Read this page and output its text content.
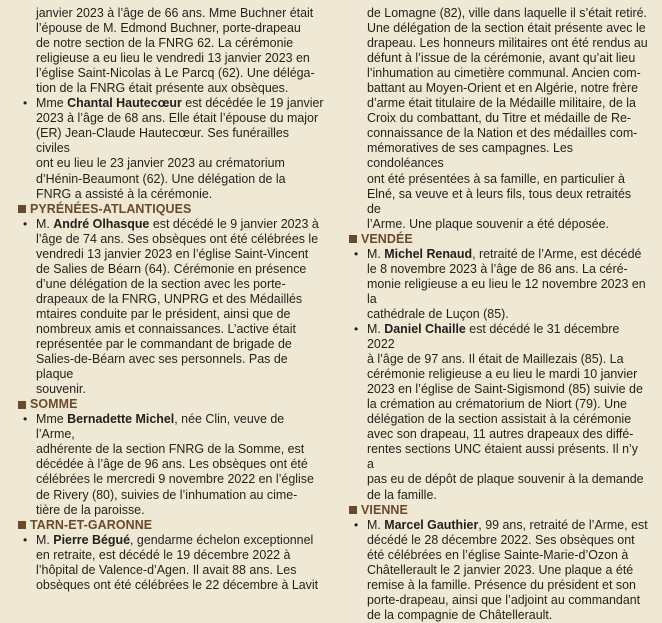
janvier 2023 à l’âge de 66 ans. Mme Buchner était
l’épouse de M. Edmond Buchner, porte-drapeau
de notre section de la FNRG 62. La cérémonie
religieuse a eu lieu le vendredi 13 janvier 2023 en
l’église Saint-Nicolas à Le Parcq (62). Une déléga-
tion de la FNRG était présente aux obsèques.
• Mme Chantal Hautecœur est décédée le 19 janvier
2023 à l’âge de 68 ans. Elle était l’épouse du major
(ER) Jean-Claude Hautecœur. Ses funérailles civiles
ont eu lieu le 23 janvier 2023 au crématorium
d’Hénin-Beaumont (62). Une délégation de la
FNRG a assisté à la cérémonie.
PYRÉNÉES-ATLANTIQUES
• M. André Olhasque est décédé le 9 janvier 2023 à
l’âge de 74 ans. Ses obsèques ont été célébrées le
vendredi 13 janvier 2023 en l’église Saint-Vincent
de Salies de Béarn (64). Cérémonie en présence
d’une délégation de la section avec les porte-
drapeaux de la FNRG, UNPRG et des Médaillés
mtaires conduite par le président, ainsi que de
nombreux amis et connaissances. L’active était
représentée par le commandant de brigade de
Salies-de-Béarn avec ses personnels. Pas de plaque
souvenir.
SOMME
• Mme Bernadette Michel, née Clin, veuve de l’Arme,
adhérente de la section FNRG de la Somme, est
décédée à l’âge de 96 ans. Les obsèques ont été
célébrées le mercredi 9 novembre 2022 en l’église
de Rivery (80), suivies de l’inhumation au cime-
tière de la paroisse.
TARN-ET-GARONNE
• M. Pierre Bégué, gendarme échelon exceptionnel
en retraite, est décédé le 19 décembre 2022 à
l’hôpital de Valence-d’Agen. Il avait 88 ans. Les
obsèques ont été célébrées le 22 décembre à Lavit
de Lomagne (82), ville dans laquelle il s’était retiré.
Une délégation de la section était présente avec le
drapeau. Les honneurs militaires ont été rendus au
défunt à l’issue de la cérémonie, avant qu’ait lieu
l’inhumation au cimetière communal. Ancien com-
battant au Moyen-Orient et en Algérie, notre frère
d’arme était titulaire de la Médaille militaire, de la
Croix du combattant, du Titre et médaille de Re-
connaissance de la Nation et des médailles com-
mémoratives de ses campagnes. Les condoléances
ont été présentées à sa famille, en particulier à
Elné, sa veuve et à leurs fils, tous deux retraités de
l’Arme. Une plaque souvenir a été déposée.
VENDÉE
• M. Michel Renaud, retraité de l’Arme, est décédé
le 8 novembre 2023 à l’âge de 86 ans. La céré-
monie religieuse a eu lieu le 12 novembre 2023 en la
cathédrale de Luçon (85).
• M. Daniel Chaille est décédé le 31 décembre 2022
à l’âge de 97 ans. Il était de Maillezais (85). La
cérémonie religieuse a eu lieu le mardi 10 janvier
2023 en l’église de Saint-Sigismond (85) suivie de
la crémation au crématorium de Niort (79). Une
délégation de la section assistait à la cérémonie
avec son drapeau, 11 autres drapeaux des diffé-
rentes sections UNC étaient aussi présents. Il n’y a
pas eu de dépôt de plaque souvenir à la demande
de la famille.
VIENNE
• M. Marcel Gauthier, 99 ans, retraité de l’Arme, est
décédé le 28 décembre 2022. Ses obsèques ont
été célébrées en l’église Sainte-Marie-d’Ozon à
Châtellerault le 2 janvier 2023. Une plaque a été
remise à la famille. Présence du président et son
porte-drapeau, ainsi que l’adjoint au commandant
de la compagnie de Châtellerault.
